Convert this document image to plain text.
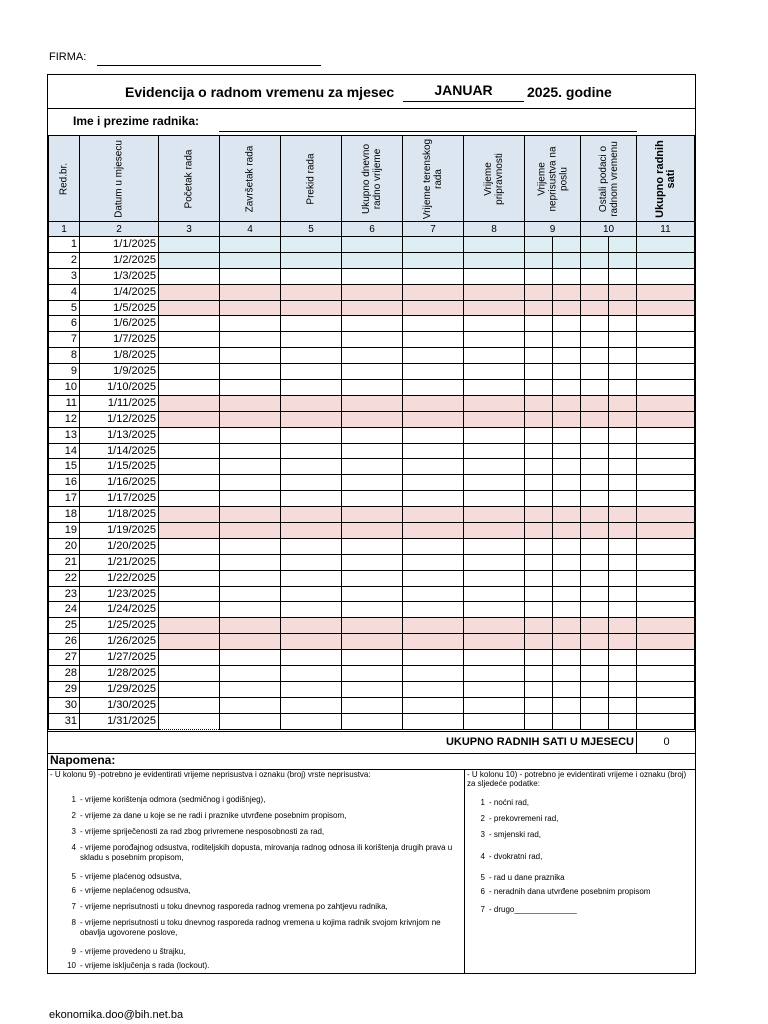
FIRMA:
Evidencija o radnom vremenu za mjesec	JANUAR	2025. godine
Ime i prezime radnika:
Red.br.	Datum u mjesecu	Početak rada	Završetak rada	Prekid rada	Ukupno dnevno radno vrijeme	Vrijeme terenskog rada	Vrijeme pripravnosti	Vrijeme neprisustva na poslu		Ostali podaci o radnom vremenu		Ukupno radnih sati

1	2	3	4	5	6	7	8	9		10		11
1	1/1/2025											
2	1/2/2025											
3	1/3/2025											
4	1/4/2025											
5	1/5/2025											
6	1/6/2025											
7	1/7/2025											
8	1/8/2025											
9	1/9/2025											
10	1/10/2025											
11	1/11/2025											
12	1/12/2025											
13	1/13/2025											
14	1/14/2025											
15	1/15/2025											
16	1/16/2025											
17	1/17/2025											
18	1/18/2025											
19	1/19/2025											
20	1/20/2025											
21	1/21/2025											
22	1/22/2025											
23	1/23/2025											
24	1/24/2025											
25	1/25/2025											
26	1/26/2025											
27	1/27/2025											
28	1/28/2025											
29	1/29/2025											
30	1/30/2025											
31	1/31/2025											
UKUPNO RADNIH SATI U MJESECU	0
Napomena:
- U kolonu 9) -potrebno je evidentirati vrijeme neprisustva i oznaku (broj) vrste neprisustva:
1 - vrijeme korištenja odmora (sedmičnog i godišnjeg),
2 - vrijeme za dane u koje se ne radi i praznike utvrđene posebnim propisom,
3 - vrijeme spriječenosti za rad zbog privremene nesposobnosti za rad,
4 - vrijeme porođajnog odsustva, roditeljskih dopusta, mirovanja radnog odnosa ili korištenja drugih prava u skladu s posebnim propisom,
5 - vrijeme plaćenog odsustva,
6 - vrijeme neplaćenog odsustva,
7 - vrijeme neprisutnosti u toku dnevnog rasporeda radnog vremena po zahtjevu radnika,
8 - vrijeme neprisutnosti u toku dnevnog rasporeda radnog vremena u kojima radnik svojom krivnjom ne obavlja ugovorene poslove,
9 - vrijeme provedeno u štrajku,
10 - vrijeme isključenja s rada (lockout).
- U kolonu 10) - potrebno je evidentirati vrijeme i oznaku (broj) za sljedeće podatke:
1 - noćni rad,
2 - prekovremeni rad,
3 - smjenski rad,
4 - dvokratni rad,
5 - rad u dane praznika
6 - neradnih dana utvrđene posebnim propisom
7 - drugo______________
ekonomika.doo@bih.net.ba
